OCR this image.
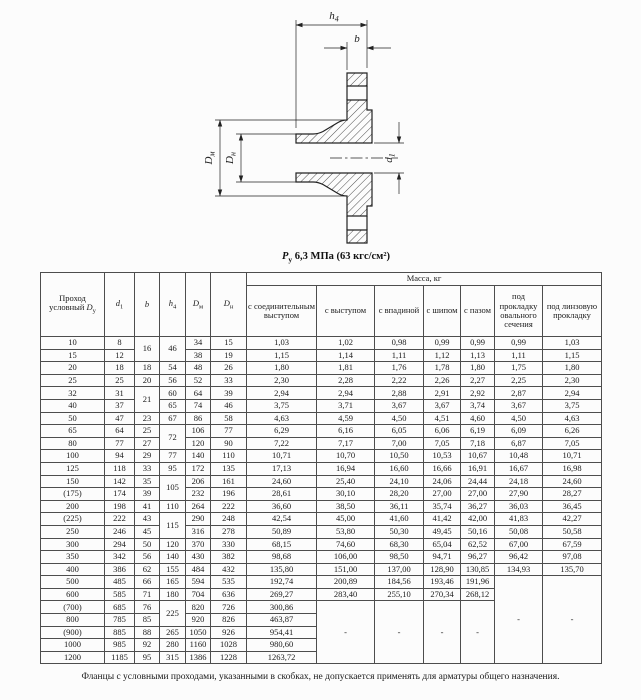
$h_4$
b
$D_м$
$D_н$
$d_1$
$P_у$ 6,3 МПа (63 кгс/см²)
Проход условный $D_у$	$d_1$	b	$h_4$	$D_м$	$D_н$	Масса, кг						
						с соединительным выступом	с выступом	с впадиной	с шипом	с пазом	под прокладку овального сечения	под линзовую прокладку
10	8	16	46	34	15	1,03	1,02	0,98	0,99	0,99	0,99	1,03
15	12			38	19	1,15	1,14	1,11	1,12	1,13	1,11	1,15
20	18	18	54	48	26	1,80	1,81	1,76	1,78	1,80	1,75	1,80
25	25	20	56	52	33	2,30	2,28	2,22	2,26	2,27	2,25	2,30
32	31	21	60	64	39	2,94	2,94	2,88	2,91	2,92	2,87	2,94
40	37		65	74	46	3,75	3,71	3,67	3,67	3,74	3,67	3,75
50	47	23	67	86	58	4,63	4,59	4,50	4,51	4,60	4,50	4,63
65	64	25	72	106	77	6,29	6,16	6,05	6,06	6,19	6,09	6,26
80	77	27		120	90	7,22	7,17	7,00	7,05	7,18	6,87	7,05
100	94	29	77	140	110	10,71	10,70	10,50	10,53	10,67	10,48	10,71
125	118	33	95	172	135	17,13	16,94	16,60	16,66	16,91	16,67	16,98
150	142	35	105	206	161	24,60	25,40	24,10	24,06	24,44	24,18	24,60
(175)	174	39		232	196	28,61	30,10	28,20	27,00	27,00	27,90	28,27
200	198	41	110	264	222	36,60	38,50	36,11	35,74	36,27	36,03	36,45
(225)	222	43	115	290	248	42,54	45,00	41,60	41,42	42,00	41,83	42,27
250	246	45		316	278	50,89	53,80	50,30	49,45	50,16	50,08	50,58
300	294	50	120	370	330	68,15	74,60	68,30	65,04	62,52	67,00	67,59
350	342	56	140	430	382	98,68	106,00	98,50	94,71	96,27	96,42	97,08
400	386	62	155	484	432	135,80	151,00	137,00	128,90	130,85	134,93	135,70
500	485	66	165	594	535	192,74	200,89	184,56	193,46	191,96	-	-
600	585	71	180	704	636	269,27	283,40	255,10	270,34	268,12		
(700)	685	76	225	820	726	300,86	-	-	-	-		
800	785	85		920	826	463,87						
(900)	885	88	265	1050	926	954,41						
1000	985	92	280	1160	1028	980,60						
1200	1185	95	315	1386	1228	1263,72						
Фланцы с условными проходами, указанными в скобках, не допускается применять для арматуры общего назначения.
